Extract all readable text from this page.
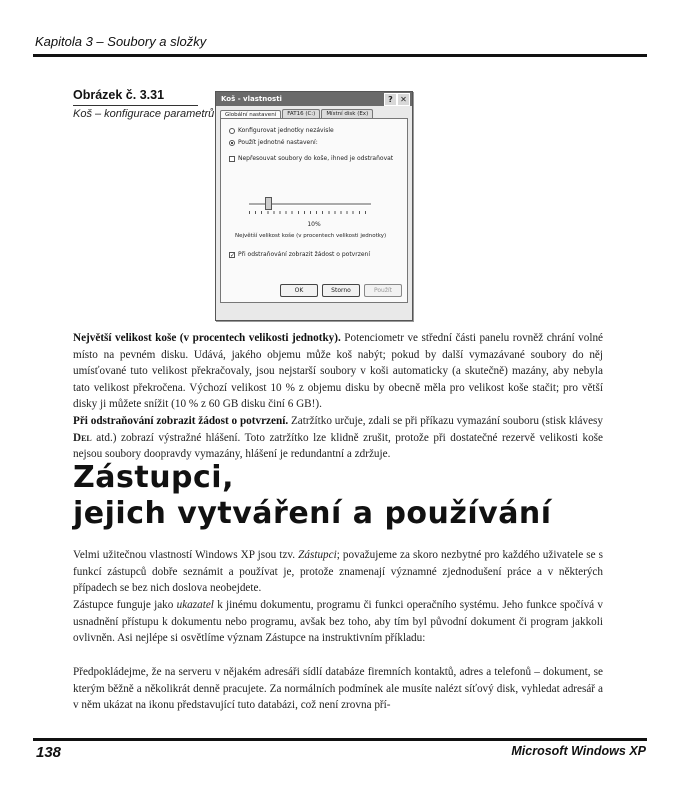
Kapitola 3 – Soubory a složky
Obrázek č. 3.31
Koš – konfigurace parametrů
Koš - vlastnosti	? ✕
Globální nastavení	FAT16 (C:)	Místní disk (Ex)
Konfigurovat jednotky nezávisle
Použít jednotné nastavení:
Nepřesouvat soubory do koše, ihned je odstraňovat
10%
Největší velikost koše (v procentech velikosti jednotky)
✓ Při odstraňování zobrazit žádost o potvrzení
OK	Storno	Použít
Největší velikost koše (v procentech velikosti jednotky). Potenciometr ve střední části panelu rovněž chrání volné místo na pevném disku. Udává, jakého objemu může koš nabýt; pokud by další vymazávané soubory do něj umísťované tuto velikost překračovaly, jsou nejstarší soubory v koši automaticky (a skutečně) mazány, aby nebyla tato velikost překročena. Výchozí velikost 10 % z objemu disku by obecně měla pro velikost koše stačit; pro větší disky ji můžete snížit (10 % z 60 GB disku činí 6 GB!).
Při odstraňování zobrazit žádost o potvrzení. Zatržítko určuje, zdali se při příkazu vymazání souboru (stisk klávesy Del atd.) zobrazí výstražné hlášení. Toto zatržítko lze klidně zrušit, protože při dostatečné rezervě velikosti koše nejsou soubory doopravdy vymazány, hlášení je redundantní a zdržuje.
Zástupci,
jejich vytváření a používání
Velmi užitečnou vlastností Windows XP jsou tzv. Zástupci; považujeme za skoro nezbytné pro každého uživatele se s funkcí zástupců dobře seznámit a používat je, protože znamenají významné zjednodušení práce a v některých případech se bez nich doslova neobejdete.
Zástupce funguje jako ukazatel k jinému dokumentu, programu či funkci operačního systému. Jeho funkce spočívá v usnadnění přístupu k dokumentu nebo programu, avšak bez toho, aby tím byl původní dokument či program jakkoli ovlivněn. Asi nejlépe si osvětlíme význam Zástupce na instruktivním příkladu:
Předpokládejme, že na serveru v nějakém adresáři sídlí databáze firemních kontaktů, adres a telefonů – dokument, se kterým běžně a několikrát denně pracujete. Za normálních podmínek ale musíte nalézt síťový disk, vyhledat adresář a v něm ukázat na ikonu představující tuto databázi, což není zrovna pří-
138	Microsoft Windows XP
